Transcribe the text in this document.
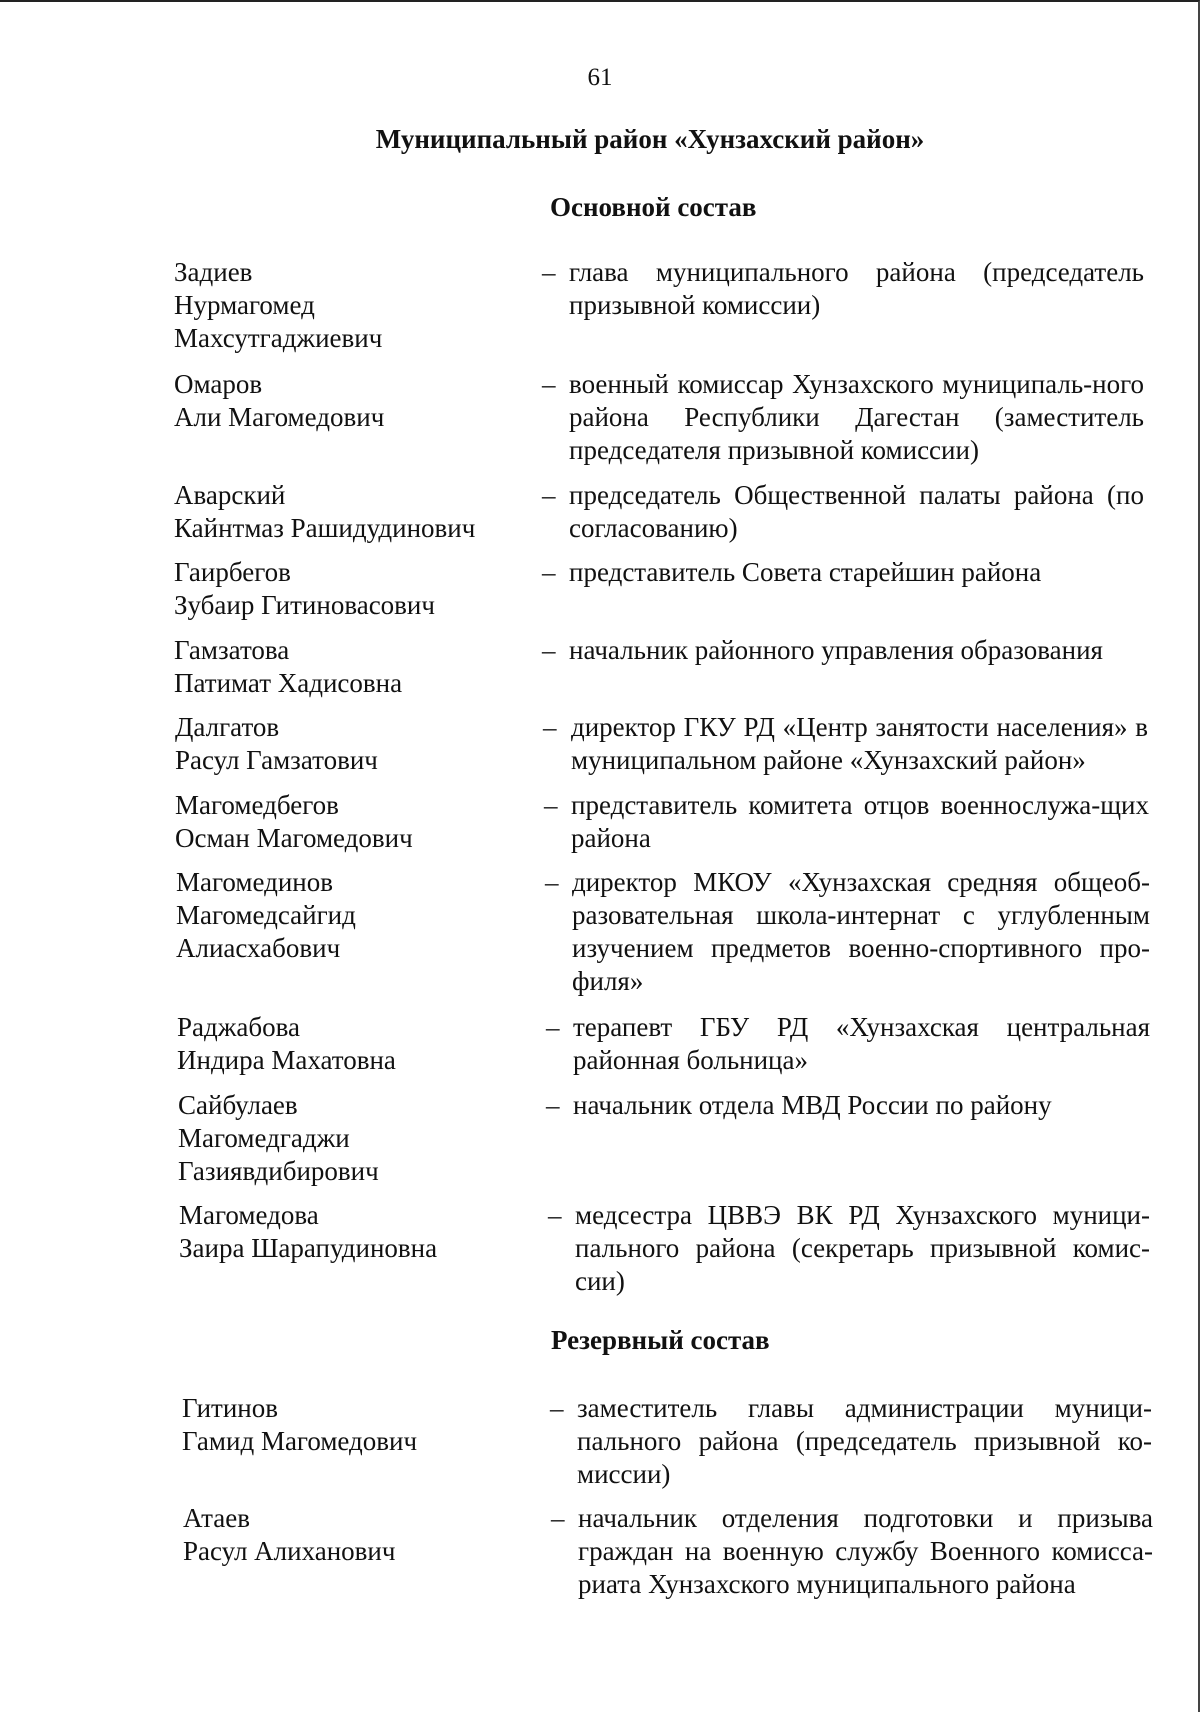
61
Муниципальный район «Хунзахский район»
Основной состав
Резервный состав
Задиев
Нурмагомед
Махсутгаджиевич
– глава муниципального района (председатель призывной комиссии)
Омаров
Али Магомедович
– военный комиссар Хунзахского муниципаль-ного района Республики Дагестан (заместитель председателя призывной комиссии)
Аварский
Кайнтмаз Рашидудинович
– председатель Общественной палаты района (по согласованию)
Гаирбегов
Зубаир Гитиновасович
– представитель Совета старейшин района
Гамзатова
Патимат Хадисовна
– начальник районного управления образования
Далгатов
Расул Гамзатович
– директор ГКУ РД «Центр занятости населения» в муниципальном районе «Хунзахский район»
Магомедбегов
Осман Магомедович
– представитель комитета отцов военнослужа-щих района
Магомединов
Магомедсайгид
Алиасхабович
– директор МКОУ «Хунзахская средняя общеоб-разовательная школа-интернат с углубленным изучением предметов военно-спортивного про-филя»
Раджабова
Индира Махатовна
– терапевт ГБУ РД «Хунзахская центральная районная больница»
Сайбулаев
Магомедгаджи
Газиявдибирович
– начальник отдела МВД России по району
Магомедова
Заира Шарапудиновна
– медсестра ЦВВЭ ВК РД Хунзахского муници-пального района (секретарь призывной комис-сии)
Гитинов
Гамид Магомедович
– заместитель главы администрации муници-пального района (председатель призывной ко-миссии)
Атаев
Расул Алиханович
– начальник отделения подготовки и призыва граждан на военную службу Военного комисса-риата Хунзахского муниципального района
